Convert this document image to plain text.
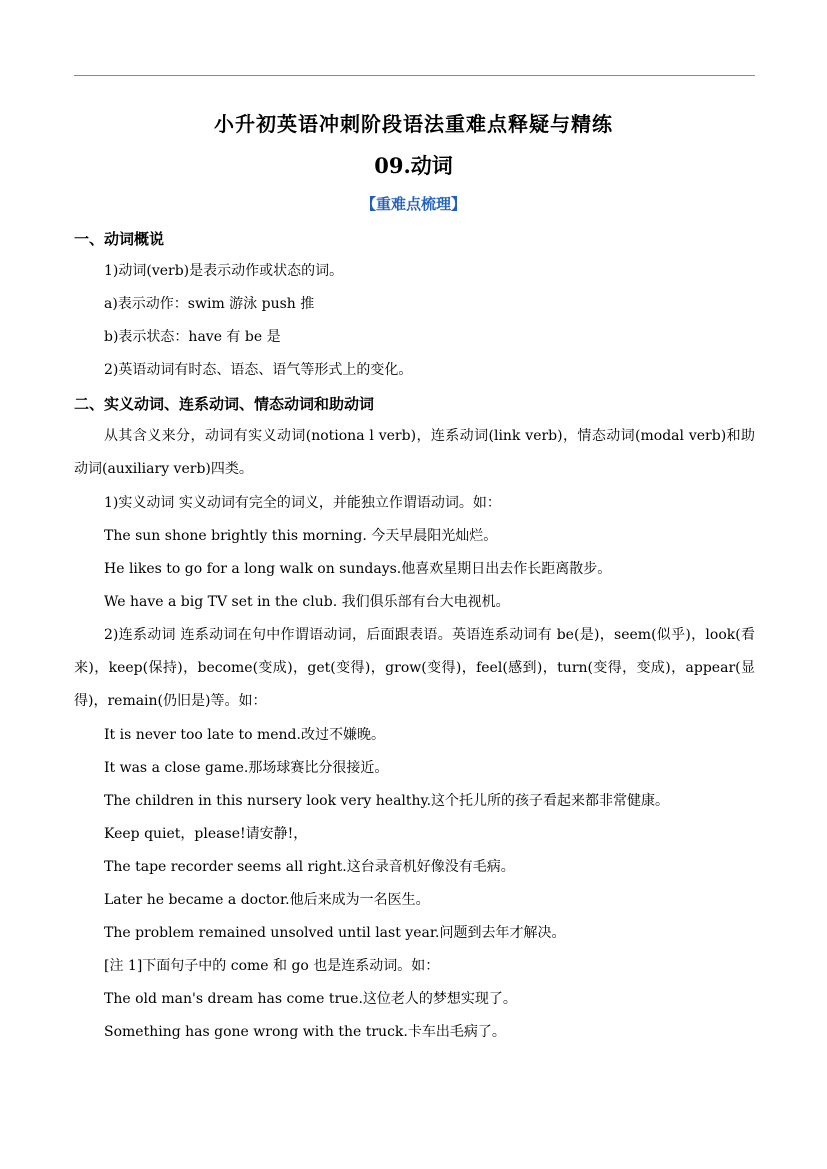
小升初英语冲刺阶段语法重难点释疑与精练
09.动词
【重难点梳理】
一、动词概说
1)动词(verb)是表示动作或状态的词。
a)表示动作：swim 游泳 push 推
b)表示状态：have 有 be 是
2)英语动词有时态、语态、语气等形式上的变化。
二、实义动词、连系动词、情态动词和助动词
从其含义来分，动词有实义动词(notiona l verb)，连系动词(link verb)，情态动词(modal verb)和助动词(auxiliary verb)四类。
1)实义动词 实义动词有完全的词义，并能独立作谓语动词。如：
The sun shone brightly this morning. 今天早晨阳光灿烂。
He likes to go for a long walk on sundays.他喜欢星期日出去作长距离散步。
We have a big TV set in the club. 我们俱乐部有台大电视机。
2)连系动词 连系动词在句中作谓语动词，后面跟表语。英语连系动词有 be(是)，seem(似乎)，look(看来)，keep(保持)，become(变成)，get(变得)，grow(变得)，feel(感到)，turn(变得，变成)，appear(显得)，remain(仍旧是)等。如：
It is never too late to mend.改过不嫌晚。
It was a close game.那场球赛比分很接近。
The children in this nursery look very healthy.这个托儿所的孩子看起来都非常健康。
Keep quiet，please!请安静!，
The tape recorder seems all right.这台录音机好像没有毛病。
Later he became a doctor.他后来成为一名医生。
The problem remained unsolved until last year.问题到去年才解决。
[注 1]下面句子中的 come 和 go 也是连系动词。如：
The old man's dream has come true.这位老人的梦想实现了。
Something has gone wrong with the truck.卡车出毛病了。
